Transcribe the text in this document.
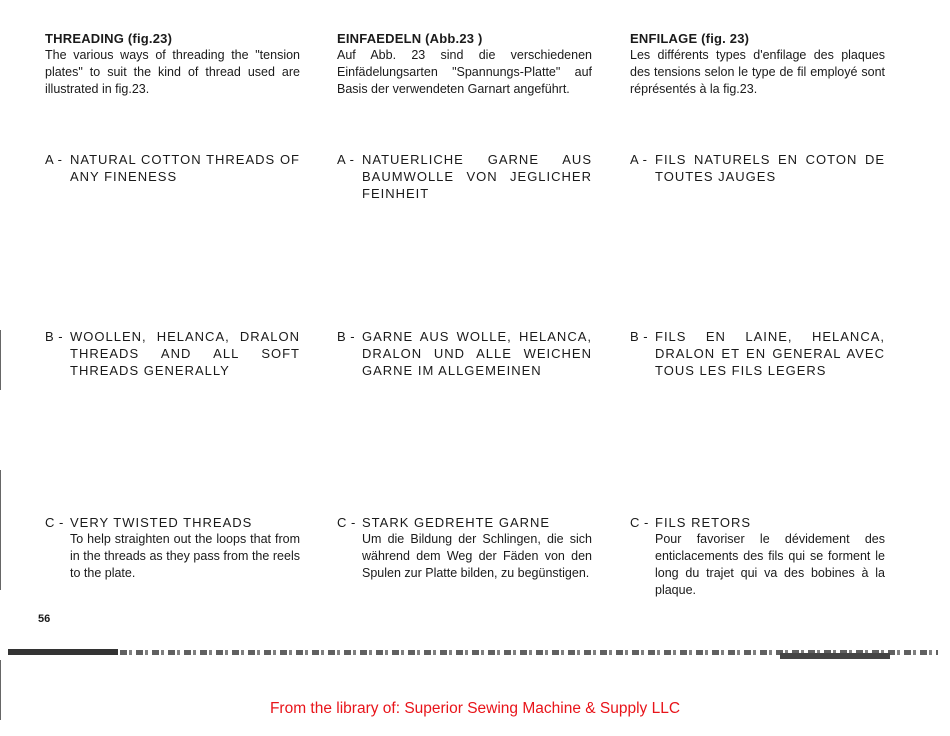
THREADING (fig.23)

The various ways of threading the "tension plates" to suit the kind of thread used are illustrated in fig.23.

A - NATURAL COTTON THREADS OF ANY FINENESS

B - WOOLLEN, HELANCA, DRALON THREADS AND ALL SOFT THREADS GENERALLY

C - VERY TWISTED THREADS

To help straighten out the loops that from in the threads as they pass from the reels to the plate.

EINFAEDELN (Abb.23 )

Auf Abb. 23 sind die verschiedenen Einfädelungsarten "Spannungs-Platte" auf Basis der verwendeten Garnart angeführt.

A - NATUERLICHE GARNE AUS BAUMWOLLE VON JEGLICHER FEINHEIT

B - GARNE AUS WOLLE, HELANCA, DRALON UND ALLE WEICHEN GARNE IM ALLGEMEINEN

C - STARK GEDREHTE GARNE

Um die Bildung der Schlingen, die sich während dem Weg der Fäden von den Spulen zur Platte bilden, zu begünstigen.

ENFILAGE (fig. 23)

Les différents types d'enfilage des plaques des tensions selon le type de fil employé sont réprésentés à la fig.23.

A - FILS NATURELS EN COTON DE TOUTES JAUGES

B - FILS EN LAINE, HELANCA, DRALON ET EN GENERAL AVEC TOUS LES FILS LEGERS

C - FILS RETORS

Pour favoriser le dévidement des enticlacements des fils qui se forment le long du trajet qui va des bobines à la plaque.

56
From the library of: Superior Sewing Machine & Supply LLC
